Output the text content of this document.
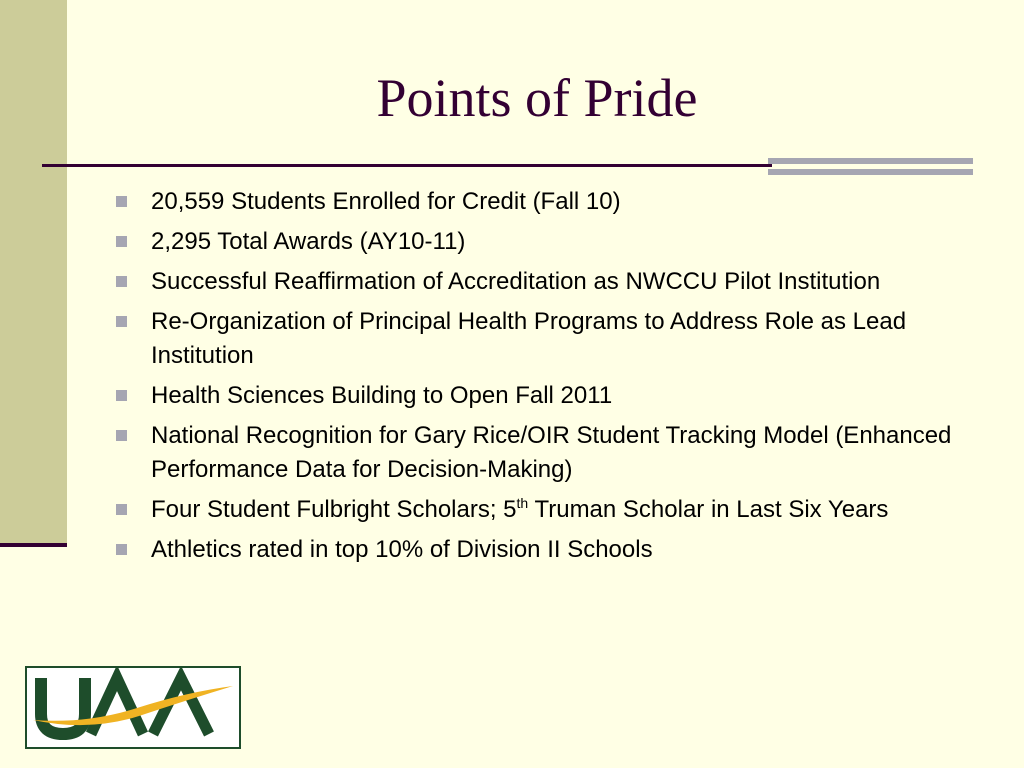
Points of Pride
20,559 Students Enrolled for Credit (Fall 10)
2,295 Total Awards (AY10-11)
Successful Reaffirmation of Accreditation as NWCCU Pilot Institution
Re-Organization of Principal Health Programs to Address Role as Lead Institution
Health Sciences Building to Open Fall 2011
National Recognition for Gary Rice/OIR Student Tracking Model (Enhanced Performance Data for Decision-Making)
Four Student Fulbright Scholars; 5th Truman Scholar in Last Six Years
Athletics rated in top 10% of Division II Schools
